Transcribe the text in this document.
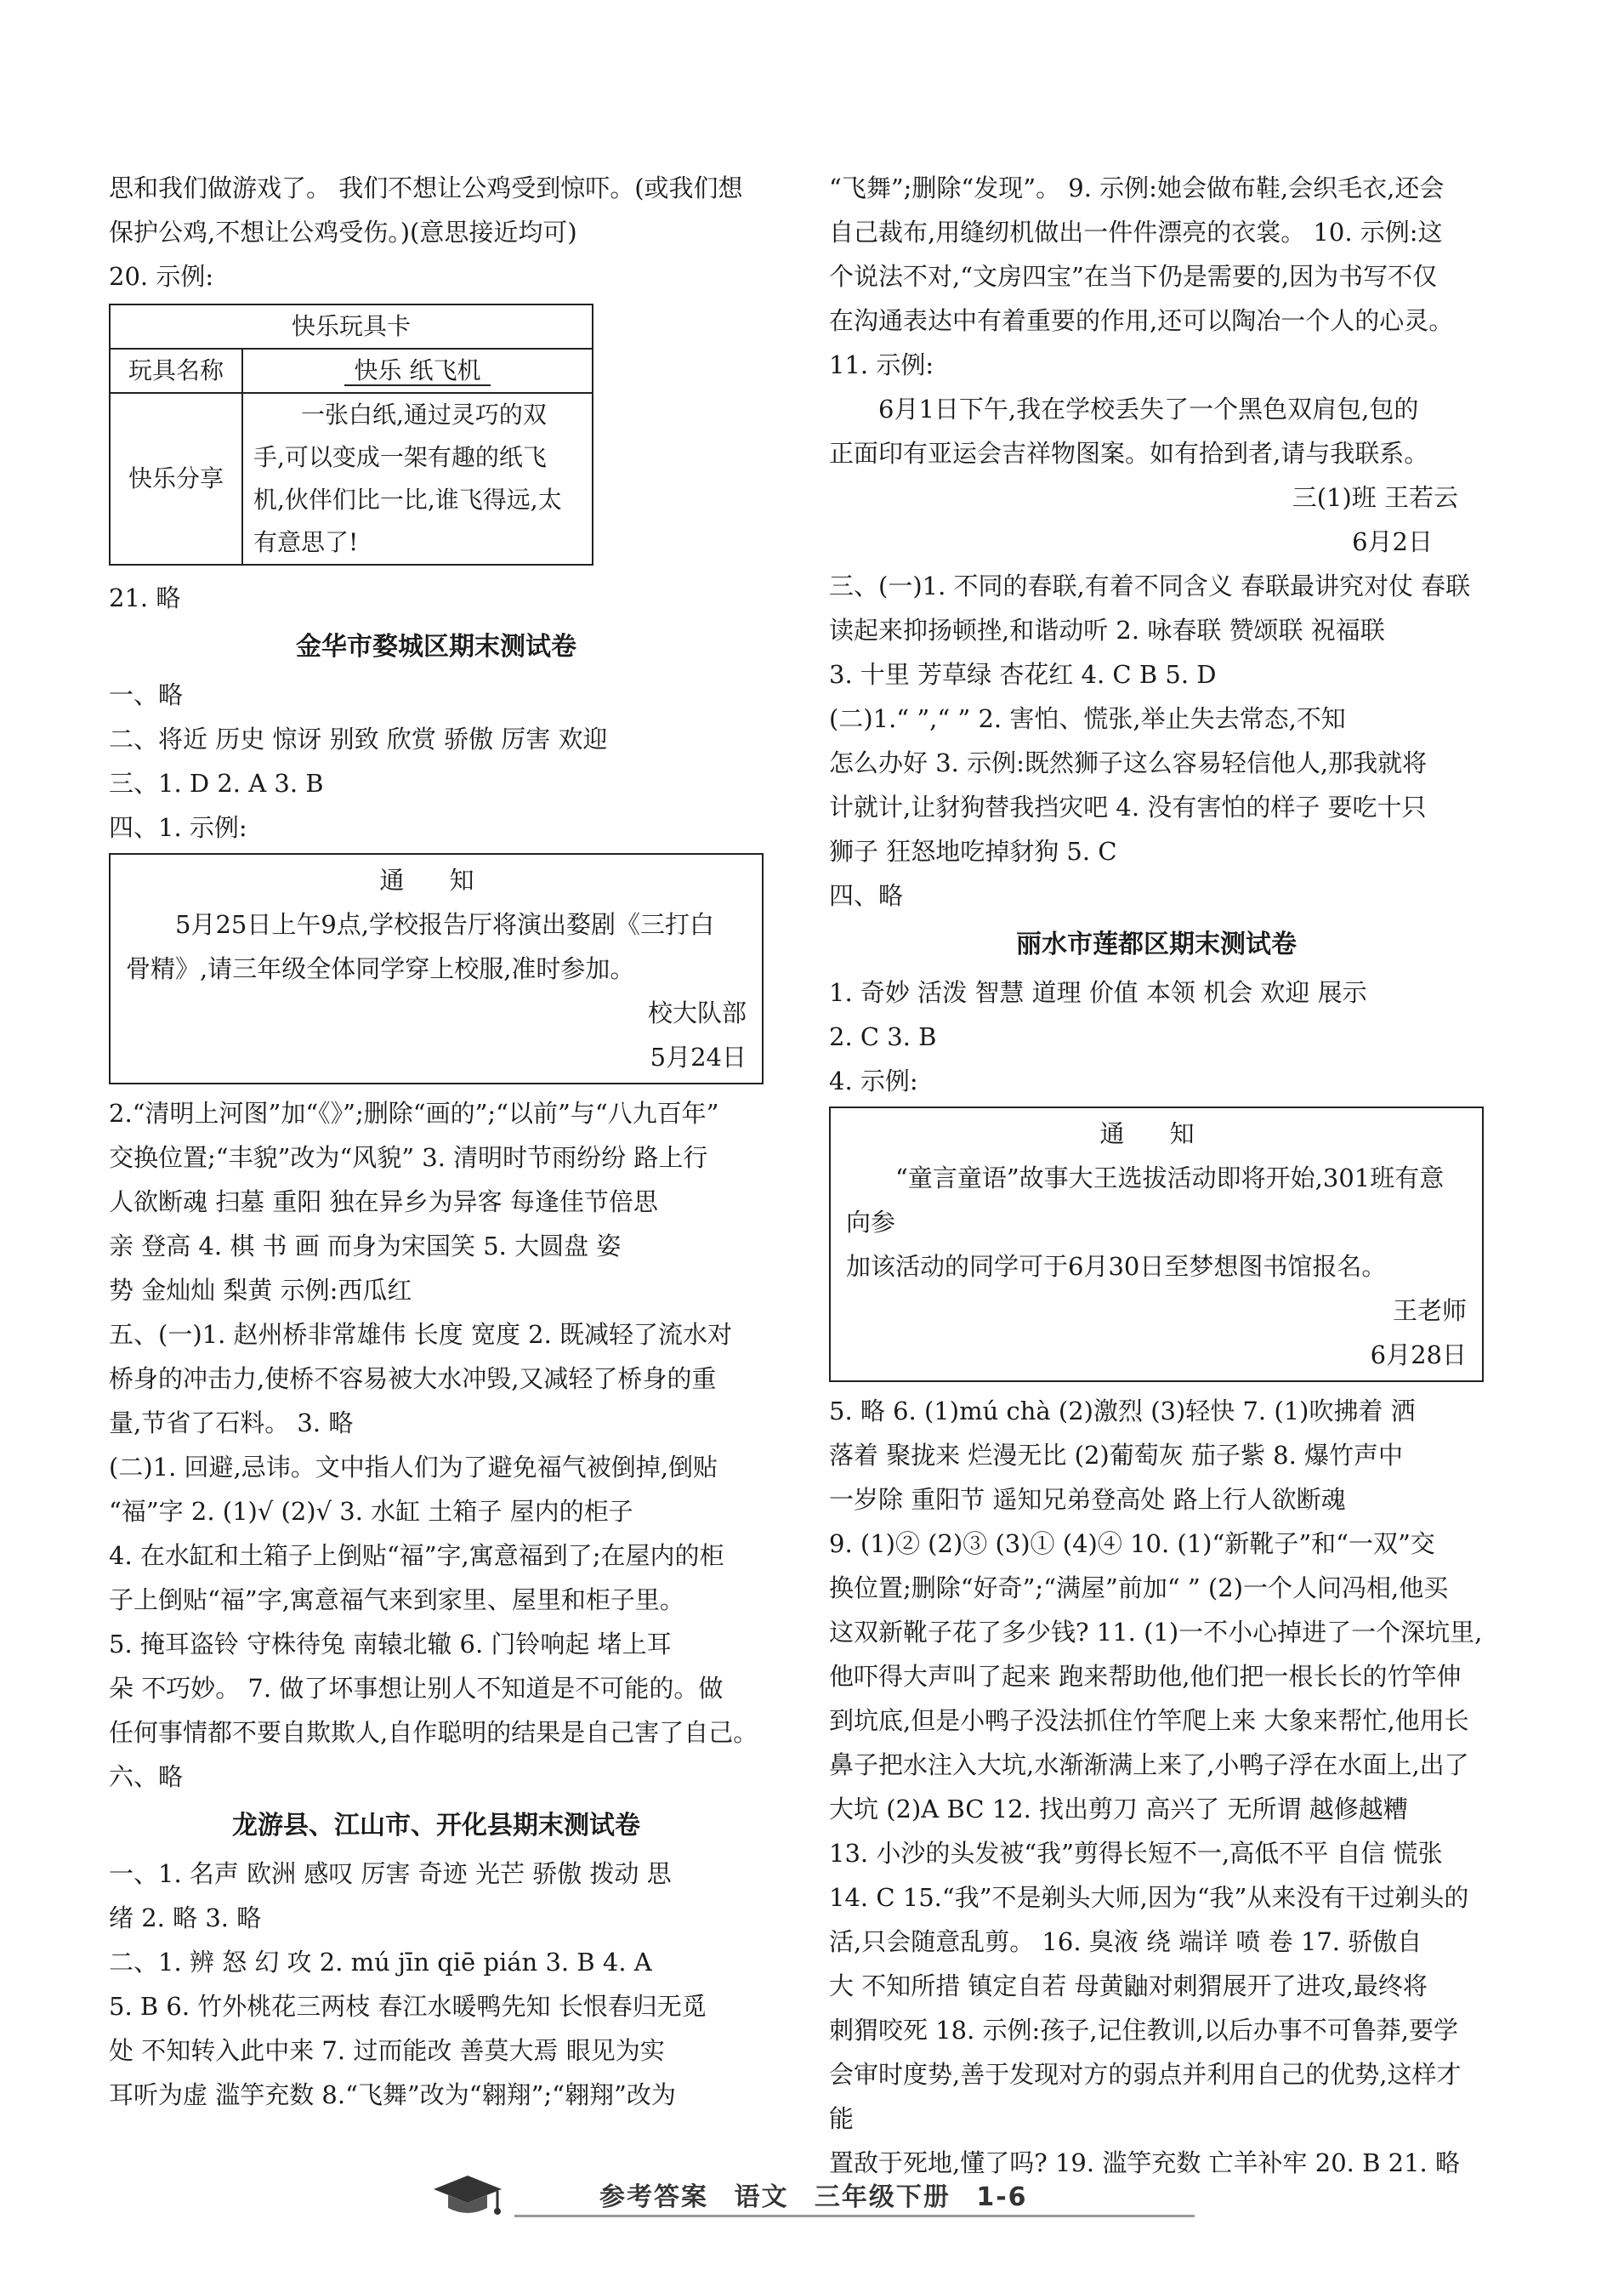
思和我们做游戏了。 我们不想让公鸡受到惊吓。(或我们想

保护公鸡,不想让公鸡受伤。)(意思接近均可)

20. 示例:

快乐玩具卡	
玩具名称	快乐 纸飞机
快乐分享	一张白纸,通过灵巧的双
手,可以变成一架有趣的纸飞
机,伙伴们比一比,谁飞得远,太
有意思了!

21. 略

金华市婺城区期末测试卷

一、略

二、将近 历史 惊讶 别致 欣赏 骄傲 厉害 欢迎

三、1. D 2. A 3. B

四、1. 示例:

通 知
5月25日上午9点,学校报告厅将演出婺剧《三打白
骨精》,请三年级全体同学穿上校服,准时参加。
校大队部
5月24日

2.“清明上河图”加“《》”;删除“画的”;“以前”与“八九百年”

交换位置;“丰貌”改为“风貌” 3. 清明时节雨纷纷 路上行

人欲断魂 扫墓 重阳 独在异乡为异客 每逢佳节倍思

亲 登高 4. 棋 书 画 而身为宋国笑 5. 大圆盘 姿

势 金灿灿 梨黄 示例:西瓜红

五、(一)1. 赵州桥非常雄伟 长度 宽度 2. 既减轻了流水对

桥身的冲击力,使桥不容易被大水冲毁,又减轻了桥身的重

量,节省了石料。 3. 略

(二)1. 回避,忌讳。文中指人们为了避免福气被倒掉,倒贴

“福”字 2. (1)√ (2)√ 3. 水缸 土箱子 屋内的柜子

4. 在水缸和土箱子上倒贴“福”字,寓意福到了;在屋内的柜

子上倒贴“福”字,寓意福气来到家里、屋里和柜子里。

5. 掩耳盗铃 守株待兔 南辕北辙 6. 门铃响起 堵上耳

朵 不巧妙。 7. 做了坏事想让别人不知道是不可能的。做

任何事情都不要自欺欺人,自作聪明的结果是自己害了自己。

六、略

龙游县、江山市、开化县期末测试卷

一、1. 名声 欧洲 感叹 厉害 奇迹 光芒 骄傲 拨动 思

绪 2. 略 3. 略

二、1. 辨 怒 幻 攻 2. mú jīn qiē pián 3. B 4. A

5. B 6. 竹外桃花三两枝 春江水暖鸭先知 长恨春归无觅

处 不知转入此中来 7. 过而能改 善莫大焉 眼见为实

耳听为虚 滥竽充数 8.“飞舞”改为“翱翔”;“翱翔”改为

“飞舞”;删除“发现”。 9. 示例:她会做布鞋,会织毛衣,还会

自己裁布,用缝纫机做出一件件漂亮的衣裳。 10. 示例:这

个说法不对,“文房四宝”在当下仍是需要的,因为书写不仅

在沟通表达中有着重要的作用,还可以陶冶一个人的心灵。

11. 示例:

6月1日下午,我在学校丢失了一个黑色双肩包,包的

正面印有亚运会吉祥物图案。如有拾到者,请与我联系。

三(1)班 王若云

6月2日

三、(一)1. 不同的春联,有着不同含义 春联最讲究对仗 春联

读起来抑扬顿挫,和谐动听 2. 咏春联 赞颂联 祝福联

3. 十里 芳草绿 杏花红 4. C B 5. D

(二)1.“ ”,“ ” 2. 害怕、慌张,举止失去常态,不知

怎么办好 3. 示例:既然狮子这么容易轻信他人,那我就将

计就计,让豺狗替我挡灾吧 4. 没有害怕的样子 要吃十只

狮子 狂怒地吃掉豺狗 5. C

四、略

丽水市莲都区期末测试卷

1. 奇妙 活泼 智慧 道理 价值 本领 机会 欢迎 展示

2. C 3. B

4. 示例:

通 知
“童言童语”故事大王选拔活动即将开始,301班有意向参
加该活动的同学可于6月30日至梦想图书馆报名。
王老师
6月28日

5. 略 6. (1)mú chà (2)激烈 (3)轻快 7. (1)吹拂着 洒

落着 聚拢来 烂漫无比 (2)葡萄灰 茄子紫 8. 爆竹声中

一岁除 重阳节 遥知兄弟登高处 路上行人欲断魂

9. (1)② (2)③ (3)① (4)④ 10. (1)“新靴子”和“一双”交

换位置;删除“好奇”;“满屋”前加“ ” (2)一个人问冯相,他买

这双新靴子花了多少钱? 11. (1)一不小心掉进了一个深坑里,

他吓得大声叫了起来 跑来帮助他,他们把一根长长的竹竿伸

到坑底,但是小鸭子没法抓住竹竿爬上来 大象来帮忙,他用长

鼻子把水注入大坑,水渐渐满上来了,小鸭子浮在水面上,出了

大坑 (2)A BC 12. 找出剪刀 高兴了 无所谓 越修越糟

13. 小沙的头发被“我”剪得长短不一,高低不平 自信 慌张

14. C 15.“我”不是剃头大师,因为“我”从来没有干过剃头的

活,只会随意乱剪。 16. 臭液 绕 端详 喷 卷 17. 骄傲自

大 不知所措 镇定自若 母黄鼬对刺猬展开了进攻,最终将

刺猬咬死 18. 示例:孩子,记住教训,以后办事不可鲁莽,要学

会审时度势,善于发现对方的弱点并利用自己的优势,这样才能

置敌于死地,懂了吗? 19. 滥竽充数 亡羊补牢 20. B 21. 略

参考答案 语文 三年级下册 1-6
